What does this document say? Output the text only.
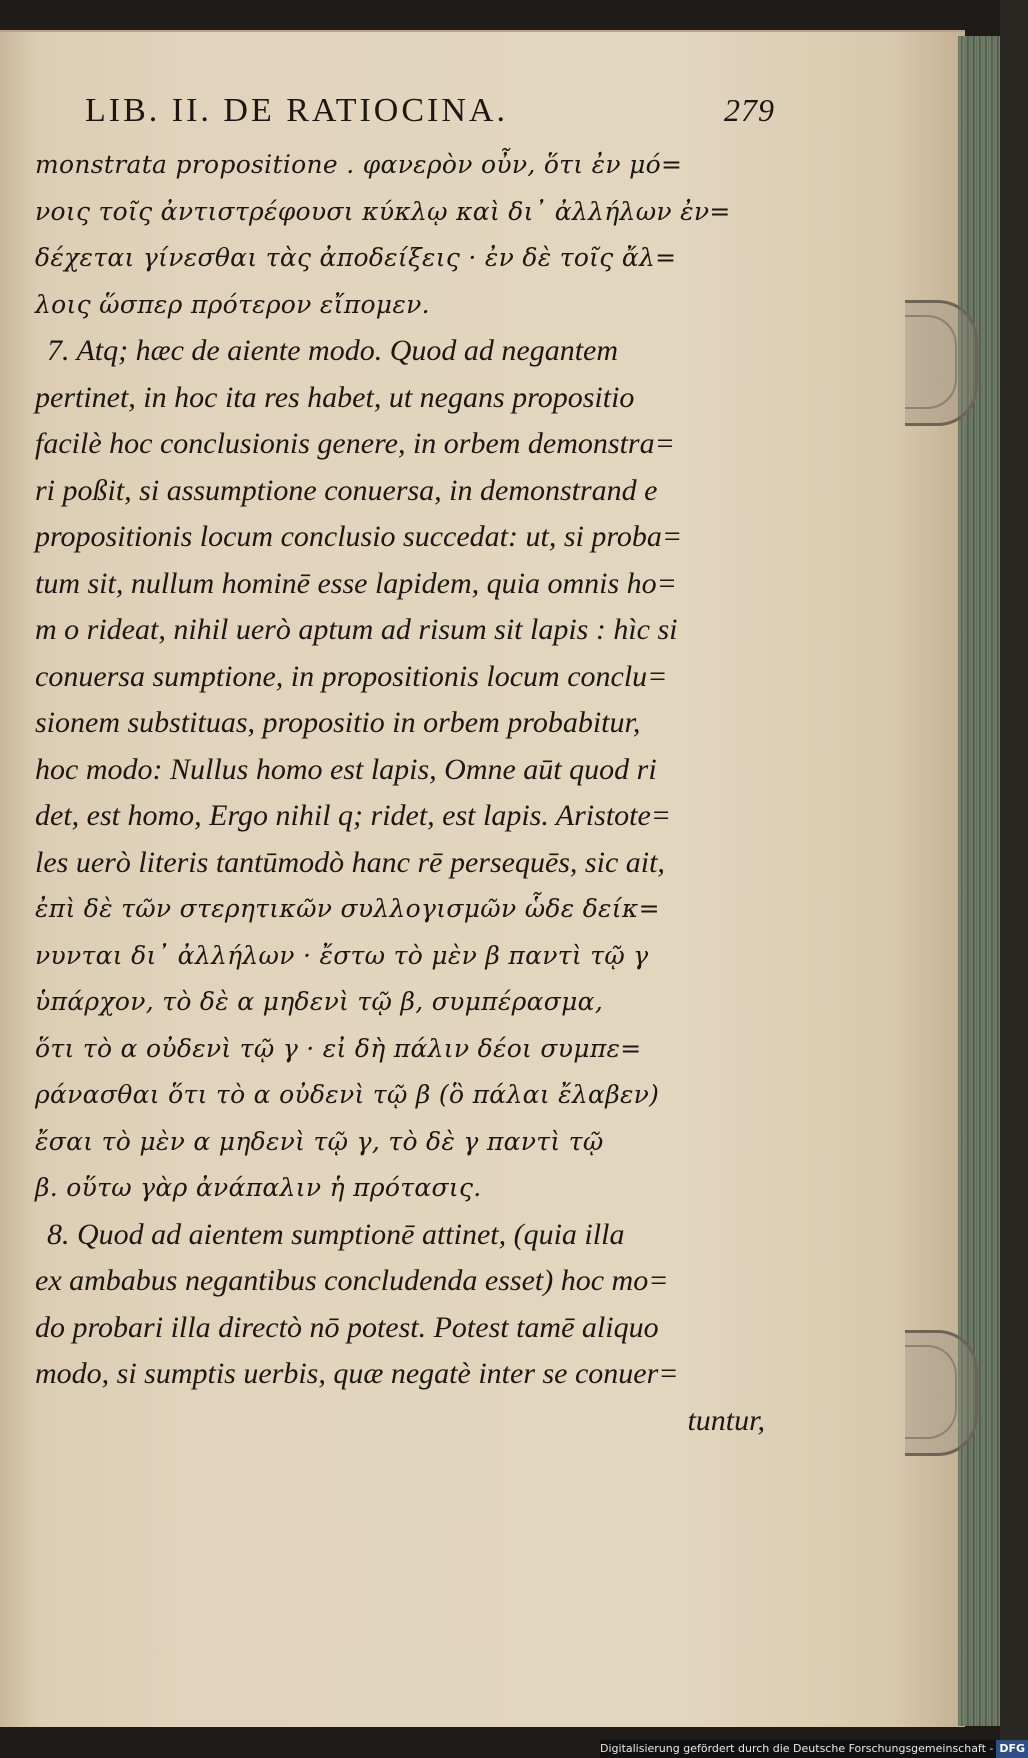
LIB. II. DE RATIOCINA.	279
monstrata propositione . φανερὸν οὖν, ὅτι ἐν μό=
νοις τοῖς ἀντιστρέφουσι κύκλῳ καὶ δι᾿ ἀλλήλων ἐν=
δέχεται γίνεσθαι τὰς ἀποδείξεις · ἐν δὲ τοῖς ἄλ=
λοις ὥσπερ πρότερον εἴπομεν.
7. Atq; hæc de aiente modo. Quod ad negantem
pertinet, in hoc ita res habet, ut negans propositio
facilè hoc conclusionis genere, in orbem demonstra=
ri poßit, si assumptione conuersa, in demonstrand e
propositionis locum conclusio succedat: ut, si proba=
tum sit, nullum hominē esse lapidem, quia omnis ho=
m o rideat, nihil uerò aptum ad risum sit lapis : hìc si
conuersa sumptione, in propositionis locum conclu=
sionem substituas, propositio in orbem probabitur,
hoc modo: Nullus homo est lapis, Omne aūt quod ri
det, est homo, Ergo nihil q; ridet, est lapis. Aristote=
les uerò literis tantūmodò hanc rē persequēs, sic ait,
ἐπὶ δὲ τῶν στερητικῶν συλλογισμῶν ὧδε δείκ=
νυνται δι᾿ ἀλλήλων · ἔστω τὸ μὲν β παντὶ τῷ γ
ὑπάρχον, τὸ δὲ α μηδενὶ τῷ β, συμπέρασμα,
ὅτι τὸ α οὐδενὶ τῷ γ · εἰ δὴ πάλιν δέοι συμπε=
ράνασθαι ὅτι τὸ α οὐδενὶ τῷ β (ὃ πάλαι ἔλαβεν)
ἔσαι τὸ μὲν α μηδενὶ τῷ γ, τὸ δὲ γ παντὶ τῷ
β. οὕτω γὰρ ἀνάπαλιν ἡ πρότασις.
8. Quod ad aientem sumptionē attinet, (quia illa
ex ambabus negantibus concludenda esset) hoc mo=
do probari illa directò nō potest. Potest tamē aliquo
modo, si sumptis uerbis, quæ negatè inter se conuer=
tuntur,
Digitalisierung gefördert durch die Deutsche Forschungsgemeinschaft - DFG
